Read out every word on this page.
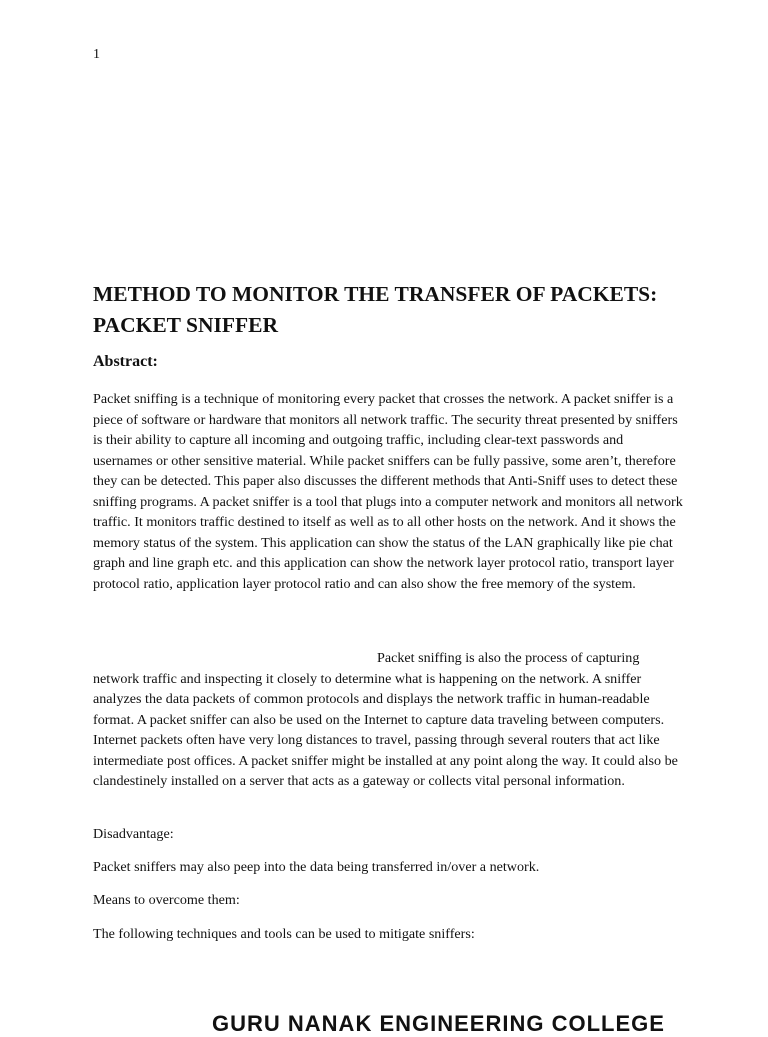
1
METHOD TO MONITOR THE TRANSFER OF PACKETS: PACKET SNIFFER
Abstract:

Packet sniffing is a technique of monitoring every packet that crosses the network. A packet sniffer is a piece of software or hardware that monitors all network traffic. The security threat presented by sniffers is their ability to capture all incoming and outgoing traffic, including clear-text passwords and usernames or other sensitive material. While packet sniffers can be fully passive, some aren’t, therefore they can be detected. This paper also discusses the different methods that Anti-Sniff uses to detect these sniffing programs. A packet sniffer is a tool that plugs into a computer network and monitors all network traffic. It monitors traffic destined to itself as well as to all other hosts on the network. And it shows the memory status of the system. This application can show the status of the LAN graphically like pie chat graph and line graph etc. and this application can show the network layer protocol ratio, transport layer protocol ratio, application layer protocol ratio and can also show the free memory of the system.

Packet sniffing is also the process of capturing network traffic and inspecting it closely to determine what is happening on the network. A sniffer analyzes the data packets of common protocols and displays the network traffic in human-readable format. A packet sniffer can also be used on the Internet to capture data traveling between computers. Internet packets often have very long distances to travel, passing through several routers that act like intermediate post offices. A packet sniffer might be installed at any point along the way. It could also be clandestinely installed on a server that acts as a gateway or collects vital personal information.

Disadvantage:

Packet sniffers may also peep into the data being transferred in/over a network.

Means to overcome them:

The following techniques and tools can be used to mitigate sniffers:

GURU NANAK ENGINEERING COLLEGE
